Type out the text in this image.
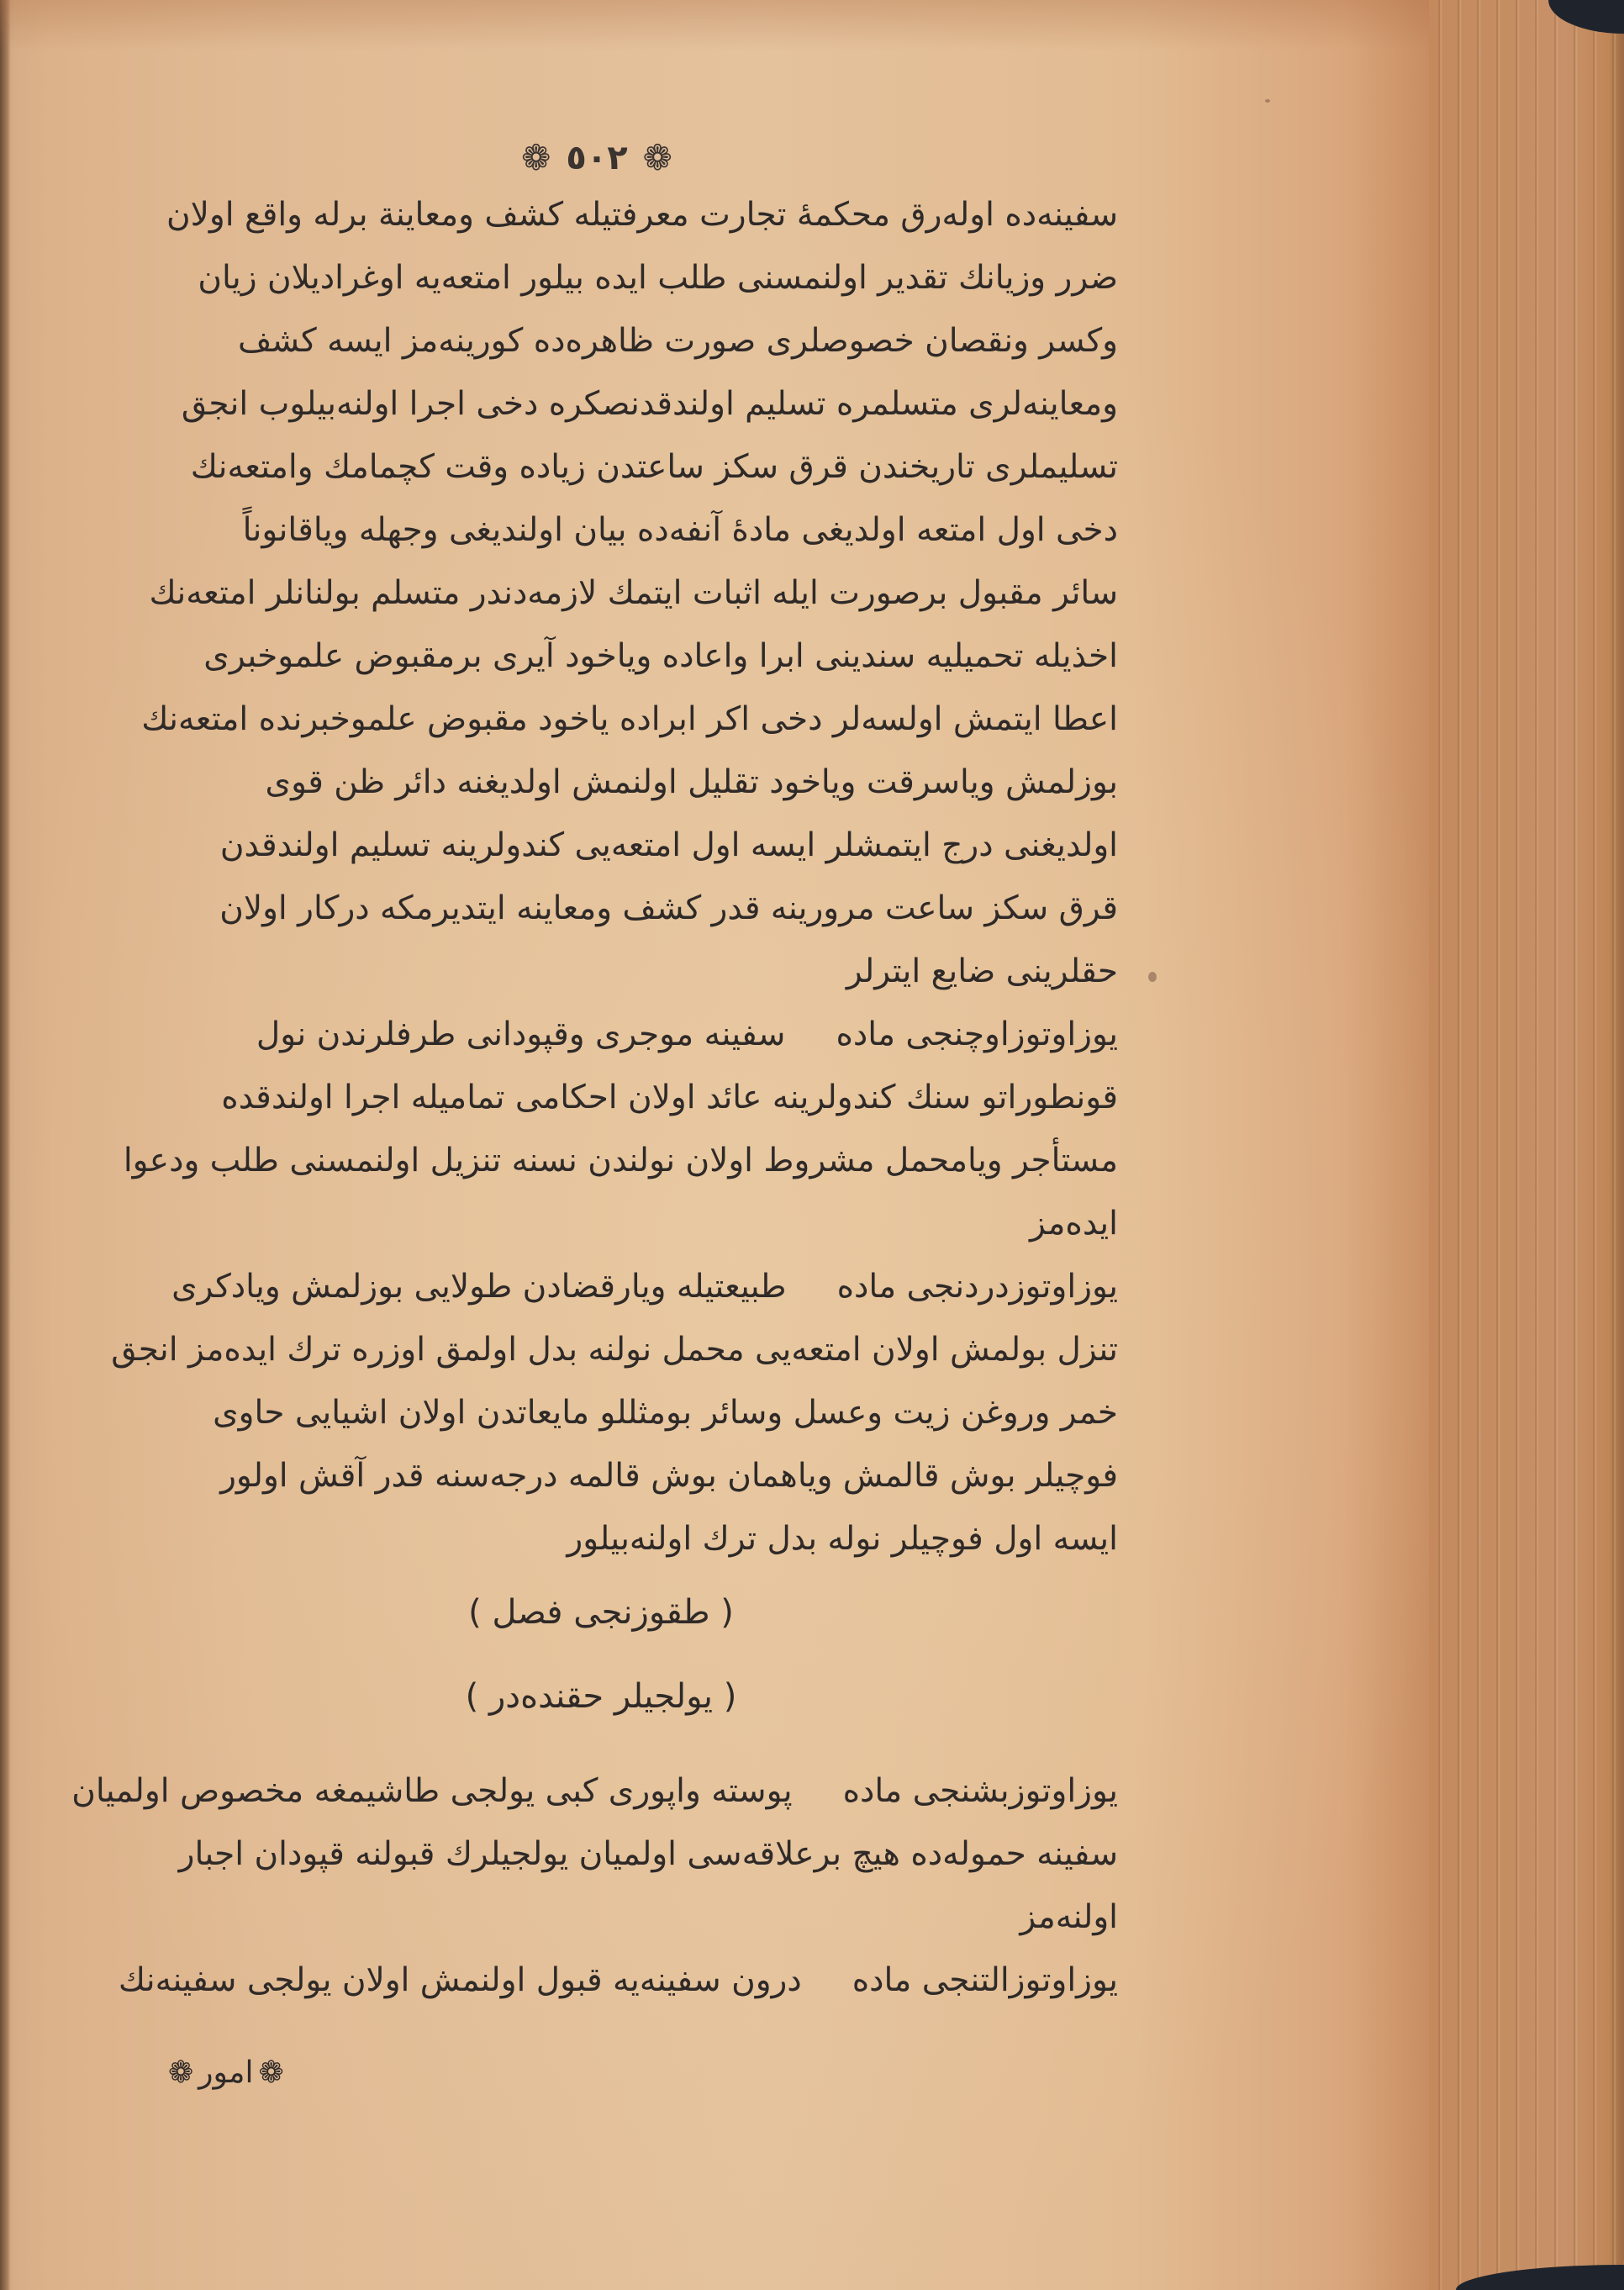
❁ ٥٠٢ ❁
سفینه‌ده اوله‌رق محکمهٔ تجارت معرفتیله کشف ومعاینة برله واقع اولان
ضرر وزیانك تقدیر اولنمسنی طلب ایده بیلور امتعه‌یه اوغرادیلان زیان
وکسر ونقصان خصوصلری صورت ظاهره‌ده کورینه‌مز ایسه کشف
ومعاینه‌لری متسلمره تسلیم اولندقدنصکره دخی اجرا اولنه‌بیلوب انجق
تسلیملری تاریخندن قرق سکز ساعتدن زیاده وقت کچمامك وامتعه‌نك
دخی اول امتعه اولدیغی مادهٔ آنفه‌ده بیان اولندیغی وجهله ویاقانوناً
سائر مقبول برصورت ایله اثبات ایتمك لازمه‌دندر متسلم بولنانلر امتعه‌نك
اخذیله تحمیلیه سندینی ابرا واعاده ویاخود آیری برمقبوض علموخبری
اعطا ایتمش اولسه‌لر دخی اکر ابراده یاخود مقبوض علموخبرنده امتعه‌نك
بوزلمش ویاسرقت ویاخود تقلیل اولنمش اولدیغنه دائر ظن قوی
اولدیغنی درج ایتمشلر ایسه اول امتعه‌یی کندولرینه تسلیم اولندقدن
قرق سکز ساعت مرورینه قدر کشف ومعاینه ایتدیرمکه درکار اولان
حقلرینی ضایع ایترلر
یوزاوتوزاوچنجی ماده
سفینه موجری وقپودانی طرفلرندن نول
قونطوراتو سنك کندولرینه عائد اولان احکامی تمامیله اجرا اولندقده
مستأجر ویامحمل مشروط اولان نولندن نسنه تنزیل اولنمسنی طلب ودعوا
ایده‌مز
یوزاوتوزدردنجی ماده
طبیعتیله ویارقضادن طولایی بوزلمش ویادکری
تنزل بولمش اولان امتعه‌یی محمل نولنه بدل اولمق اوزره ترك ایده‌مز انجق
خمر وروغن زیت وعسل وسائر بومثللو مایعاتدن اولان اشیایی حاوی
فوچیلر بوش قالمش ویاهمان بوش قالمه درجه‌سنه قدر آقش اولور
ایسه اول فوچیلر نوله بدل ترك اولنه‌بیلور
( طقوزنجی فصل )
( یولجیلر حقنده‌در )
یوزاوتوزبشنجی ماده
پوسته واپوری کبی یولجی طاشیمغه مخصوص اولمیان
سفینه حموله‌ده هیچ برعلاقه‌سی اولمیان یولجیلرك قبولنه قپودان اجبار
اولنه‌مز
یوزاوتوزالتنجی ماده
درون سفینه‌یه قبول اولنمش اولان یولجی سفینه‌نك
❁ امور ❁
